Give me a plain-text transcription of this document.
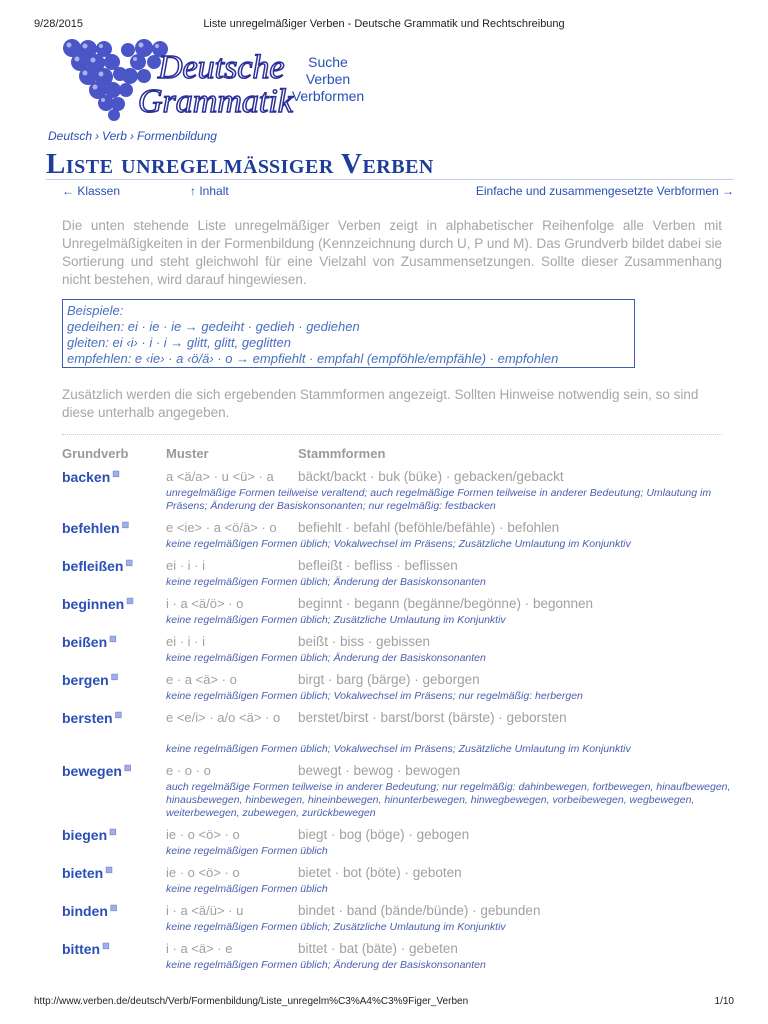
9/28/2015	Liste unregelmäßiger Verben - Deutsche Grammatik und Rechtschreibung
Deutsche
Grammatik
Suche
Verben
Verbformen
Deutsch › Verb › Formenbildung
Liste unregelmäßiger Verben
← Klassen	↑ Inhalt	Einfache und zusammengesetzte Verbformen →

Die unten stehende Liste unregelmäßiger Verben zeigt in alphabetischer Reihenfolge alle Verben mit Unregelmäßigkeiten in der Formenbildung (Kennzeichnung durch U, P und M). Das Grundverb bildet dabei sie Sortierung und steht gleichwohl für eine Vielzahl von Zusammensetzungen. Sollte dieser Zusammenhang nicht bestehen, wird darauf hingewiesen.

Beispiele:
gedeihen: ei · ie · ie → gedeiht · gedieh · gediehen
gleiten: ei ‹i› · i · i → glitt, glitt, geglitten
empfehlen: e ‹ie› · a ‹ö/ä› · o → empfiehlt · empfahl (empföhle/empfähle) · empfohlen

Zusätzlich werden die sich ergebenden Stammformen angezeigt. Sollten Hinweise notwendig sein, so sind diese unterhalb angegeben.

Grundverb	Muster	Stammformen
backen ▧	a <ä/a> · u <ü> · a	bäckt/backt · buk (büke) · gebacken/gebackt
unregelmäßige Formen teilweise veraltend; auch regelmäßige Formen teilweise in anderer Bedeutung; Umlautung im Präsens; Änderung der Basiskonsonanten; nur regelmäßig: festbacken
befehlen ▧	e <ie> · a <ö/ä> · o	befiehlt · befahl (beföhle/befähle) · befohlen
keine regelmäßigen Formen üblich; Vokalwechsel im Präsens; Zusätzliche Umlautung im Konjunktiv
befleißen ▧	ei · i · i	befleißt · befliss · beflissen
keine regelmäßigen Formen üblich; Änderung der Basiskonsonanten
beginnen ▧ i · a <ä/ö> · o	beginnt · begann (begänne/begönne) · begonnen
keine regelmäßigen Formen üblich; Zusätzliche Umlautung im Konjunktiv
beißen ▧	ei · i · i	beißt · biss · gebissen
keine regelmäßigen Formen üblich; Änderung der Basiskonsonanten
bergen ▧	e · a <ä> · o	birgt · barg (bärge) · geborgen
keine regelmäßigen Formen üblich; Vokalwechsel im Präsens; nur regelmäßig: herbergen
bersten ▧	e <e/i> · a/o <ä> · o	berstet/birst · barst/borst (bärste) · geborsten
keine regelmäßigen Formen üblich; Vokalwechsel im Präsens; Zusätzliche Umlautung im Konjunktiv
bewegen ▧	e · o · o	bewegt · bewog · bewogen
auch regelmäßige Formen teilweise in anderer Bedeutung; nur regelmäßig: dahinbewegen, fortbewegen, hinaufbewegen, hinausbewegen, hinbewegen, hineinbewegen, hinunterbewegen, hinwegbewegen, vorbeibewegen, wegbewegen, weiterbewegen, zubewegen, zurückbewegen
biegen ▧	ie · o <ö> · o	biegt · bog (böge) · gebogen
keine regelmäßigen Formen üblich
bieten ▧	ie · o <ö> · o	bietet · bot (böte) · geboten
keine regelmäßigen Formen üblich
binden ▧	i · a <ä/ü> · u	bindet · band (bände/bünde) · gebunden
keine regelmäßigen Formen üblich; Zusätzliche Umlautung im Konjunktiv
bitten ▧	i · a <ä> · e	bittet · bat (bäte) · gebeten
keine regelmäßigen Formen üblich; Änderung der Basiskonsonanten
http://www.verben.de/deutsch/Verb/Formenbildung/Liste_unregelm%C3%A4%C3%9Figer_Verben	1/10
